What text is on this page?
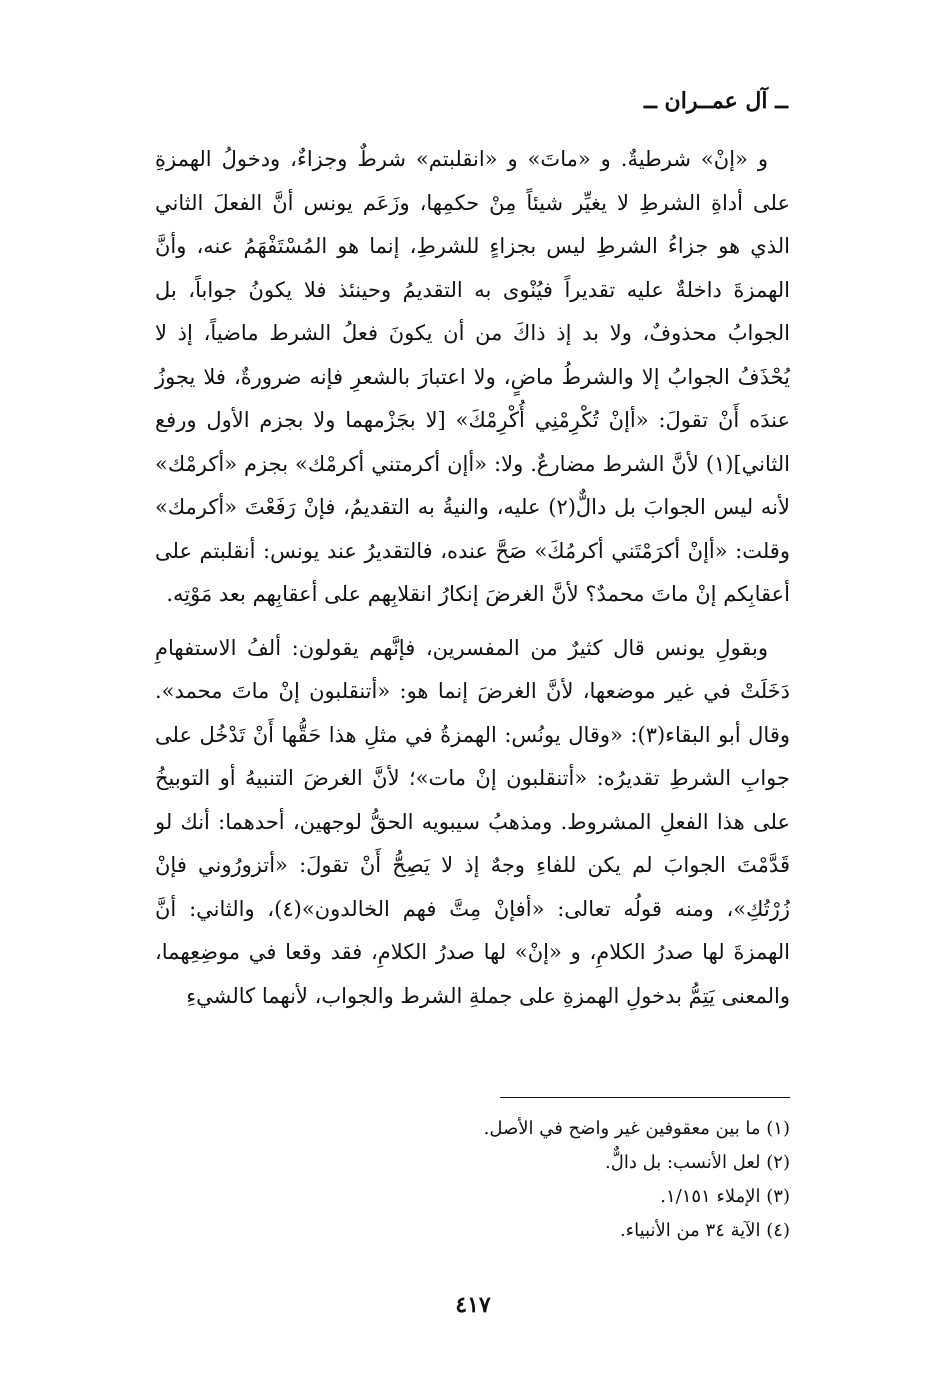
ــ آل عمــران ــ

و «إنْ» شرطيةٌ. و «ماتَ» و «انقلبتم» شرطٌ وجزاءٌ، ودخولُ الهمزةِ على أداةِ الشرطِ لا يغيِّر شيئاً مِنْ حكمِها، وزَعَم يونس أنَّ الفعلَ الثاني الذي هو جزاءُ الشرطِ ليس بجزاءٍ للشرطِ، إنما هو المُسْتَفْهَمُ عنه، وأنَّ الهمزةَ داخلةٌ عليه تقديراً فيُنْوى به التقديمُ وحينئذ فلا يكونُ جواباً، بل الجوابُ محذوفٌ، ولا بد إذ ذاكَ من أن يكونَ فعلُ الشرط ماضياً، إذ لا يُحْذَفُ الجوابُ إلا والشرطُ ماضٍ، ولا اعتبارَ بالشعرِ فإنه ضرورةٌ، فلا يجوزُ عندَه أَنْ تقولَ: «أإنْ تُكْرِمْنِي أُكْرِمْكَ» [لا بجَزْمهما ولا بجزم الأول ورفع الثاني](١) لأنَّ الشرط مضارعٌ. ولا: «أإن أكرمتني أكرمْك» بجزم «أكرمْك» لأنه ليس الجوابَ بل دالٌّ(٢) عليه، والنيةُ به التقديمُ، فإنْ رَفَعْتَ «أكرمك» وقلت: «أإنْ أكرَمْتَني أكرمُكَ» صَحَّ عنده، فالتقديرُ عند يونس: أنقلبتم على أعقابِكم إنْ ماتَ محمدٌ؟ لأنَّ الغرضَ إنكارُ انقلابِهم على أعقابِهم بعد مَوْتِه.

وبقولِ يونس قال كثيرٌ من المفسرين، فإنَّهم يقولون: ألفُ الاستفهامِ دَخَلَتْ في غير موضعها، لأنَّ الغرضَ إنما هو: «أتنقلبون إنْ ماتَ محمد». وقال أبو البقاء(٣): «وقال يونُس: الهمزةُ في مثلِ هذا حَقُّها أَنْ تَدْخُل على جوابِ الشرطِ تقديرُه: «أتنقلبون إنْ مات»؛ لأنَّ الغرضَ التنبيهُ أو التوبيخُ على هذا الفعلِ المشروط. ومذهبُ سيبويه الحقُّ لوجهين، أحدهما: أنك لو قَدَّمْتَ الجوابَ لم يكن للفاءِ وجهٌ إذ لا يَصِحُّ أَنْ تقولَ: «أتزورُوني فإنْ زُرْتُكِ»، ومنه قولُه تعالى: «أفإنْ مِتَّ فهم الخالدون»(٤)، والثاني: أنَّ الهمزةَ لها صدرُ الكلامِ، و «إنْ» لها صدرُ الكلامِ، فقد وقعا في موضِعِهما، والمعنى يَتِمُّ بدخولِ الهمزةِ على جملةِ الشرط والجواب، لأنهما كالشيءِ

(١) ما بين معقوفين غير واضح في الأصل.
(٢) لعل الأنسب: بل دالٌّ.
(٣) الإملاء ١/١٥١.
(٤) الآية ٣٤ من الأنبياء.
٤١٧
